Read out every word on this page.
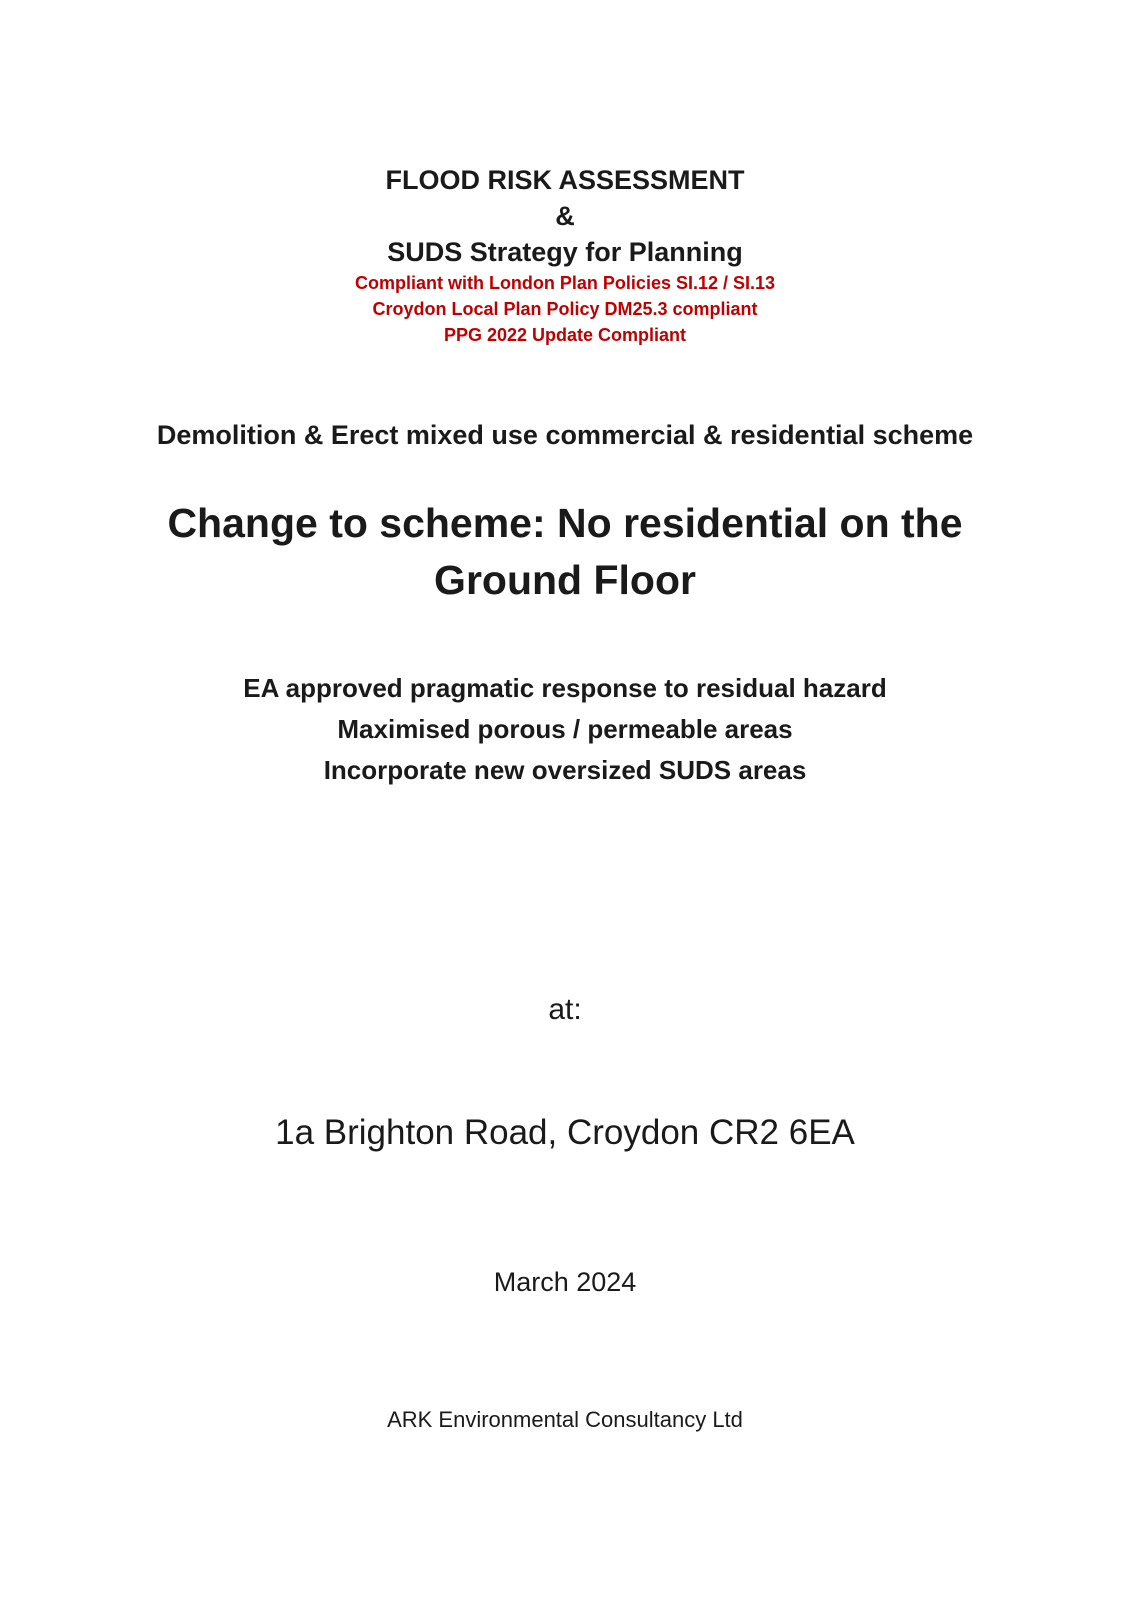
FLOOD RISK ASSESSMENT
&
SUDS Strategy for Planning
Compliant with London Plan Policies SI.12 / SI.13
Croydon Local Plan Policy DM25.3 compliant
PPG 2022 Update Compliant
Demolition & Erect mixed use commercial & residential scheme
Change to scheme: No residential on the
Ground Floor
EA approved pragmatic response to residual hazard
Maximised porous / permeable areas
Incorporate new oversized SUDS areas
at:
1a Brighton Road, Croydon CR2 6EA
March 2024
ARK Environmental Consultancy Ltd
